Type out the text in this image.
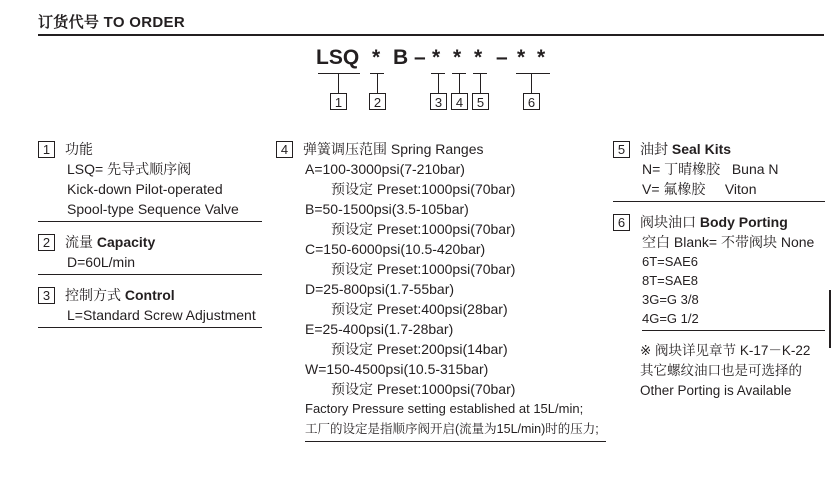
订货代号 TO ORDER
LSQ * B – * * * – * *
1	2	3	4	5	6
1	功能
LSQ= 先导式顺序阀
Kick-down Pilot-operated
Spool-type Sequence Valve
2	流量
Capacity
D=60L/min
3	控制方式
Control
L=Standard Screw Adjustment
4	弹簧调压范围
Spring Ranges
A=100-3000psi(7-210bar)
预设定 Preset:1000psi(70bar)
B=50-1500psi(3.5-105bar)
预设定 Preset:1000psi(70bar)
C=150-6000psi(10.5-420bar)
预设定 Preset:1000psi(70bar)
D=25-800psi(1.7-55bar)
预设定 Preset:400psi(28bar)
E=25-400psi(1.7-28bar)
预设定 Preset:200psi(14bar)
W=150-4500psi(10.5-315bar)
预设定 Preset:1000psi(70bar)
Factory Pressure setting established at 15L/min;
工厂的设定是指顺序阀开启(流量为15L/min)时的压力;
5	油封
Seal Kits
N= 丁晴橡胶   Buna N
V= 氟橡胶     Viton
6	阀块油口
Body Porting
空白 Blank= 不带阀块 None
6T=SAE6
8T=SAE8
3G=G 3/8
4G=G 1/2
※ 阀块详见章节 K-17－K-22
其它螺纹油口也是可选择的
Other Porting is Available
